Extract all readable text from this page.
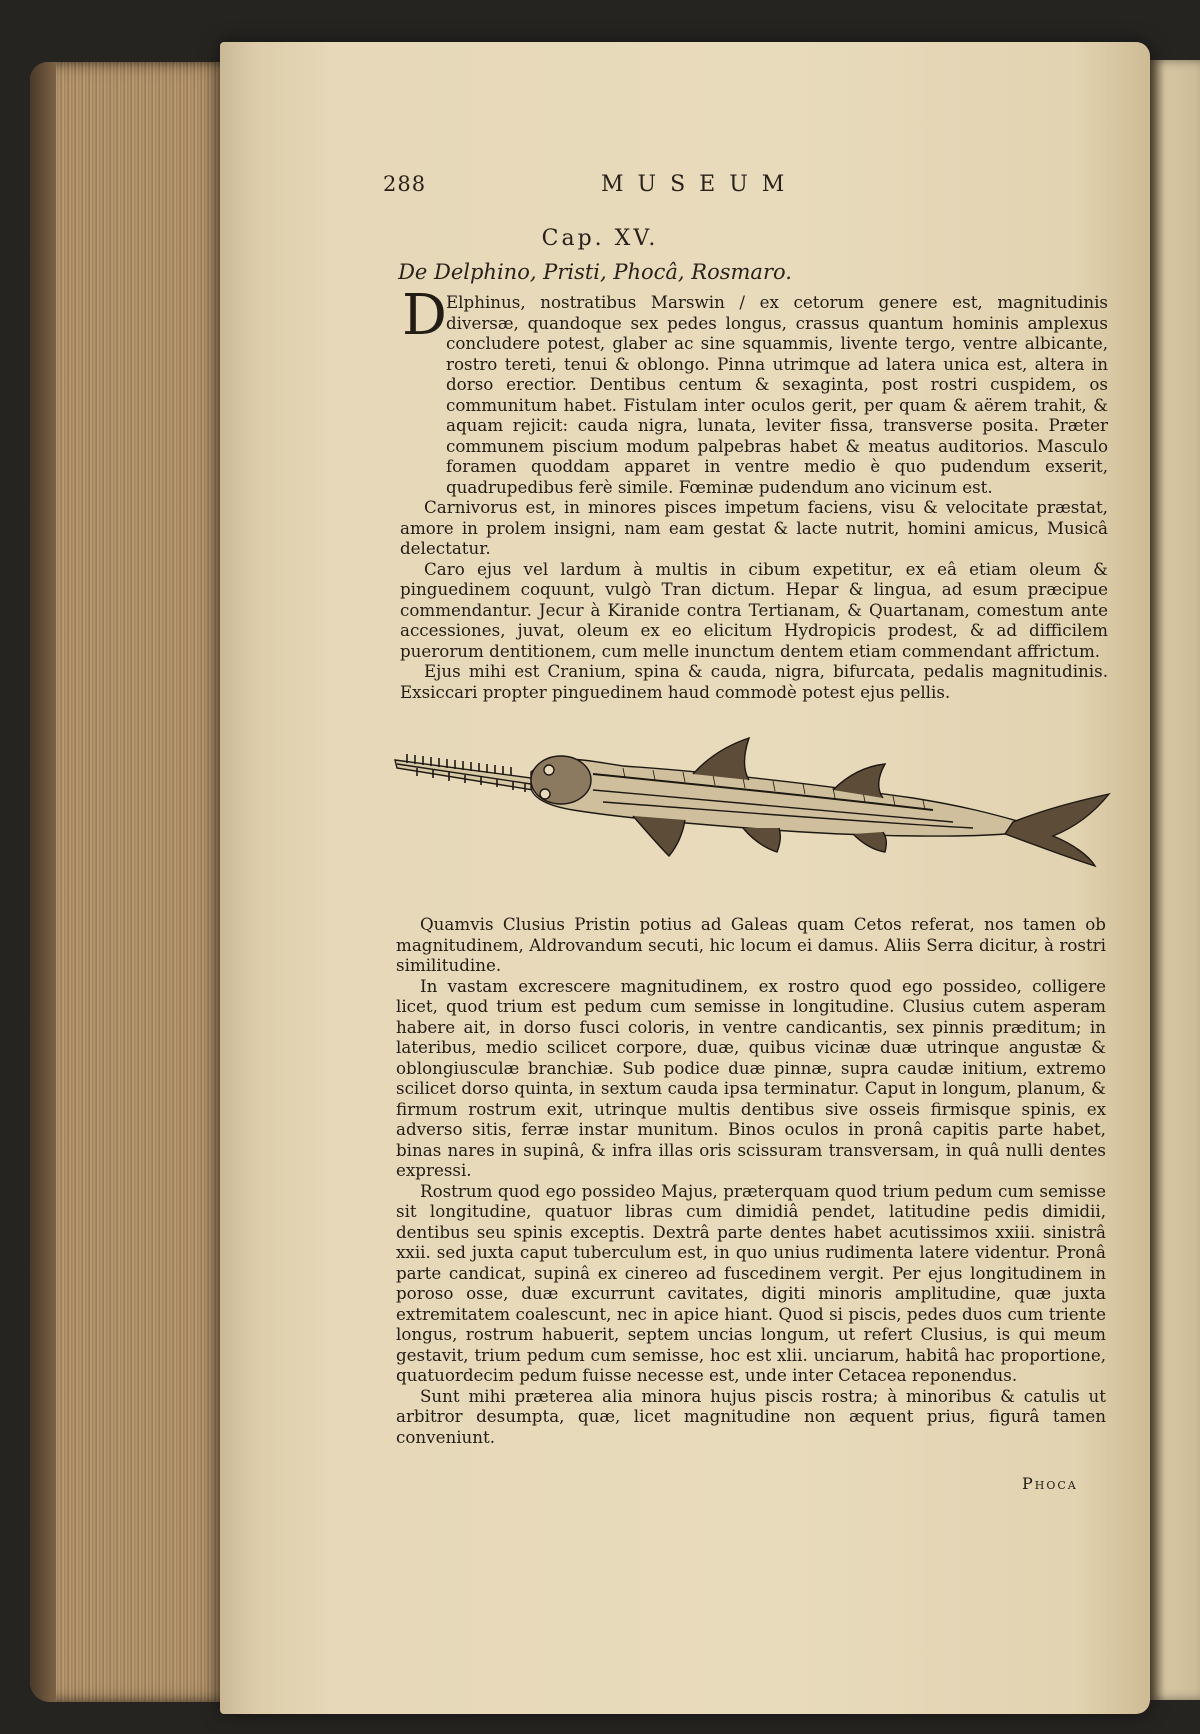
288	MUSEUM
Cap. XV.
De Delphino, Pristi, Phocâ, Rosmaro.
D Elphinus, nostratibus Marswin / ex cetorum genere est, magnitudinis diversæ, quandoque sex pedes longus, crassus quantum hominis amplexus concludere potest, glaber ac sine squammis, livente tergo, ventre albicante, rostro tereti, tenui & oblongo. Pinna utrimque ad latera unica est, altera in dorso erectior. Dentibus centum & sexaginta, post rostri cuspidem, os communitum habet. Fistulam inter oculos gerit, per quam & aërem trahit, & aquam rejicit: cauda nigra, lunata, leviter fissa, transverse posita. Præter communem piscium modum palpebras habet & meatus auditorios. Masculo foramen quoddam apparet in ventre medio è quo pudendum exserit, quadrupedibus ferè simile. Fœminæ pudendum ano vicinum est.

Carnivorus est, in minores pisces impetum faciens, visu & velocitate præstat, amore in prolem insigni, nam eam gestat & lacte nutrit, homini amicus, Musicâ delectatur.

Caro ejus vel lardum à multis in cibum expetitur, ex eâ etiam oleum & pinguedinem coquunt, vulgò Tran dictum. Hepar & lingua, ad esum præcipue commendantur. Jecur à Kiranide contra Tertianam, & Quartanam, comestum ante accessiones, juvat, oleum ex eo elicitum Hydropicis prodest, & ad difficilem puerorum dentitionem, cum melle inunctum dentem etiam commendant affrictum.

Ejus mihi est Cranium, spina & cauda, nigra, bifurcata, pedalis magnitudinis. Exsiccari propter pinguedinem haud commodè potest ejus pellis.

Quamvis Clusius Pristin potius ad Galeas quam Cetos referat, nos tamen ob magnitudinem, Aldrovandum secuti, hic locum ei damus. Aliis Serra dicitur, à rostri similitudine.

In vastam excrescere magnitudinem, ex rostro quod ego possideo, colligere licet, quod trium est pedum cum semisse in longitudine. Clusius cutem asperam habere ait, in dorso fusci coloris, in ventre candicantis, sex pinnis præditum; in lateribus, medio scilicet corpore, duæ, quibus vicinæ duæ utrinque angustæ & oblongiusculæ branchiæ. Sub podice duæ pinnæ, supra caudæ initium, extremo scilicet dorso quinta, in sextum cauda ipsa terminatur. Caput in longum, planum, & firmum rostrum exit, utrinque multis dentibus sive osseis firmisque spinis, ex adverso sitis, ferræ instar munitum. Binos oculos in pronâ capitis parte habet, binas nares in supinâ, & infra illas oris scissuram transversam, in quâ nulli dentes expressi.

Rostrum quod ego possideo Majus, præterquam quod trium pedum cum semisse sit longitudine, quatuor libras cum dimidiâ pendet, latitudine pedis dimidii, dentibus seu spinis exceptis. Dextrâ parte dentes habet acutissimos xxiii. sinistrâ xxii. sed juxta caput tuberculum est, in quo unius rudimenta latere videntur. Pronâ parte candicat, supinâ ex cinereo ad fuscedinem vergit. Per ejus longitudinem in poroso osse, duæ excurrunt cavitates, digiti minoris amplitudine, quæ juxta extremitatem coalescunt, nec in apice hiant. Quod si piscis, pedes duos cum triente longus, rostrum habuerit, septem uncias longum, ut refert Clusius, is qui meum gestavit, trium pedum cum semisse, hoc est xlii. unciarum, habitâ hac proportione, quatuordecim pedum fuisse necesse est, unde inter Cetacea reponendus.

Sunt mihi præterea alia minora hujus piscis rostra; à minoribus & catulis ut arbitror desumpta, quæ, licet magnitudine non æquent prius, figurâ tamen conveniunt.

Phoca
